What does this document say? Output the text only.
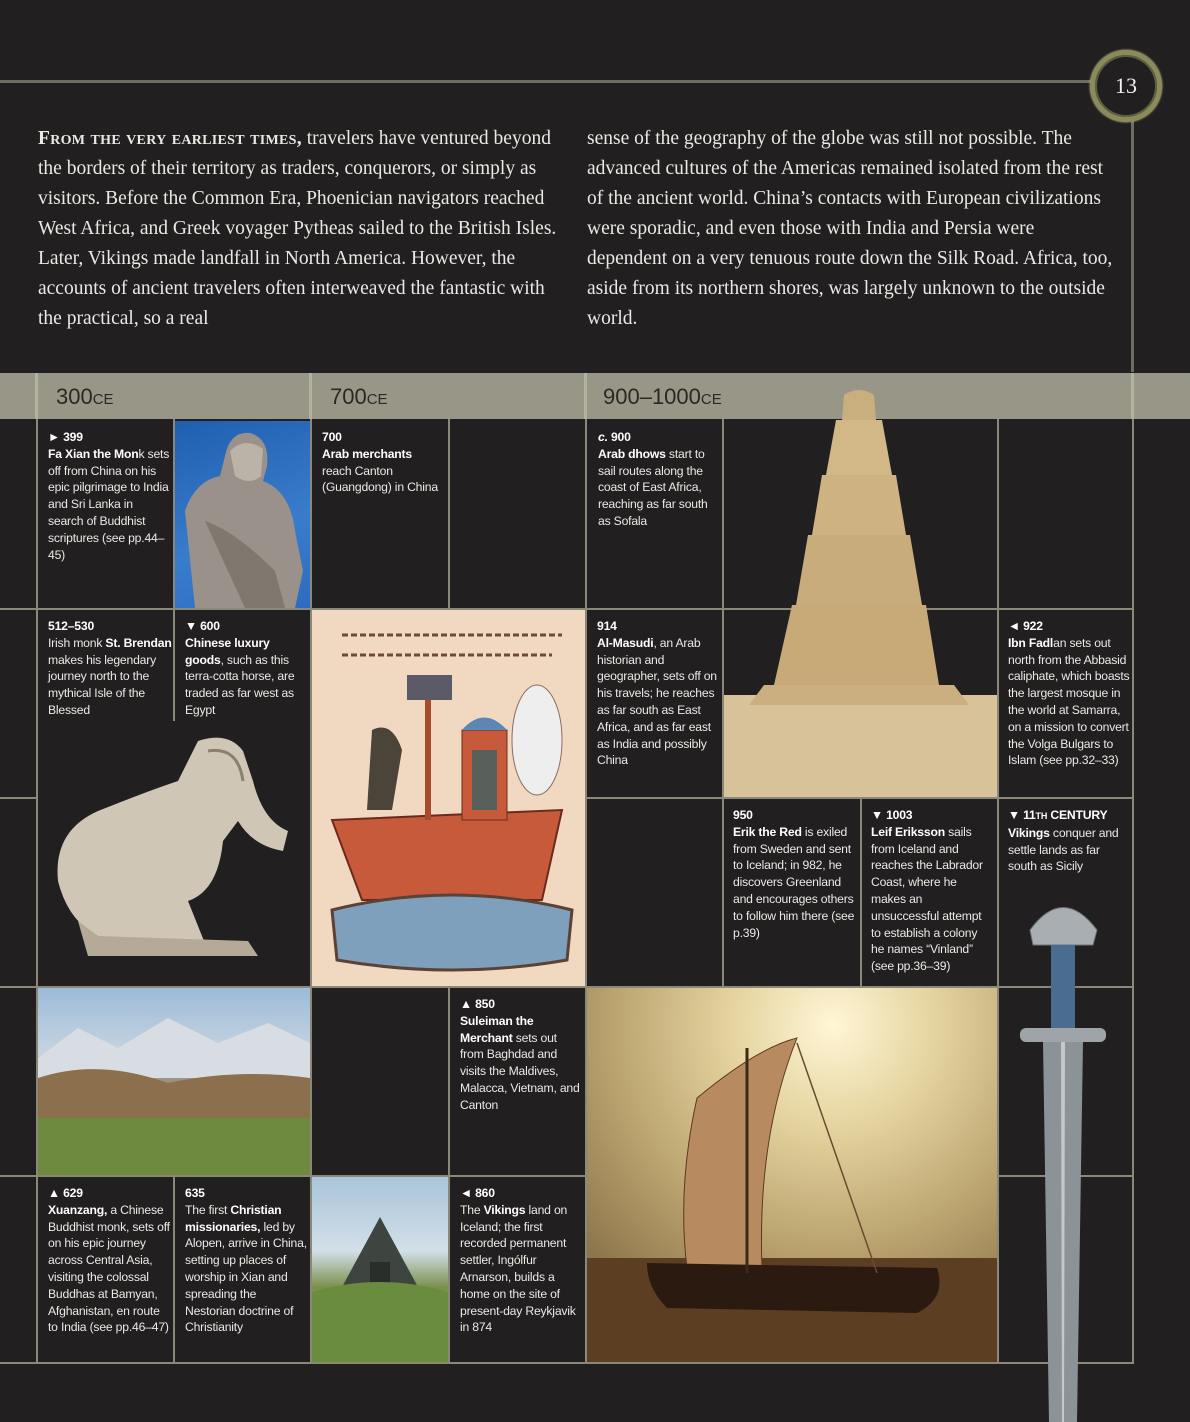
13
From the very earliest times, travelers have ventured beyond the borders of their territory as traders, conquerors, or simply as visitors. Before the Common Era, Phoenician navigators reached West Africa, and Greek voyager Pytheas sailed to the British Isles. Later, Vikings made landfall in North America. However, the accounts of ancient travelers often interweaved the fantastic with the practical, so a real
sense of the geography of the globe was still not possible. The advanced cultures of the Americas remained isolated from the rest of the ancient world. China’s contacts with European civilizations were sporadic, and even those with India and Persia were dependent on a very tenuous route down the Silk Road. Africa, too, aside from its northern shores, was largely unknown to the outside world.
300CE	700CE	900–1000CE
► 399
Fa Xian the Monk sets off from China on his epic pilgrimage to India and Sri Lanka in search of Buddhist scriptures (see pp.44–45)
700
Arab merchants reach Canton (Guangdong) in China
c. 900
Arab dhows start to sail routes along the coast of East Africa, reaching as far south as Sofala
512–530
Irish monk St. Brendan makes his legendary journey north to the mythical Isle of the Blessed
▼ 600
Chinese luxury goods, such as this terra-cotta horse, are traded as far west as Egypt
914
Al-Masudi, an Arab historian and geographer, sets off on his travels; he reaches as far south as East Africa, and as far east as India and possibly China
◄ 922
Ibn Fadlan sets out north from the Abbasid caliphate, which boasts the largest mosque in the world at Samarra, on a mission to convert the Volga Bulgars to Islam (see pp.32–33)
950
Erik the Red is exiled from Sweden and sent to Iceland; in 982, he discovers Greenland and encourages others to follow him there (see p.39)
▼ 1003
Leif Eriksson sails from Iceland and reaches the Labrador Coast, where he makes an unsuccessful attempt to establish a colony he names “Vinland” (see pp.36–39)
▼ 11TH CENTURY
Vikings conquer and settle lands as far south as Sicily
▲ 850
Suleiman the Merchant sets out from Baghdad and visits the Maldives, Malacca, Vietnam, and Canton
▲ 629
Xuanzang, a Chinese Buddhist monk, sets off on his epic journey across Central Asia, visiting the colossal Buddhas at Bamyan, Afghanistan, en route to India (see pp.46–47)
635
The first Christian missionaries, led by Alopen, arrive in China, setting up places of worship in Xian and spreading the Nestorian doctrine of Christianity
◄ 860
The Vikings land on Iceland; the first recorded permanent settler, Ingólfur Arnarson, builds a home on the site of present-day Reykjavik in 874
